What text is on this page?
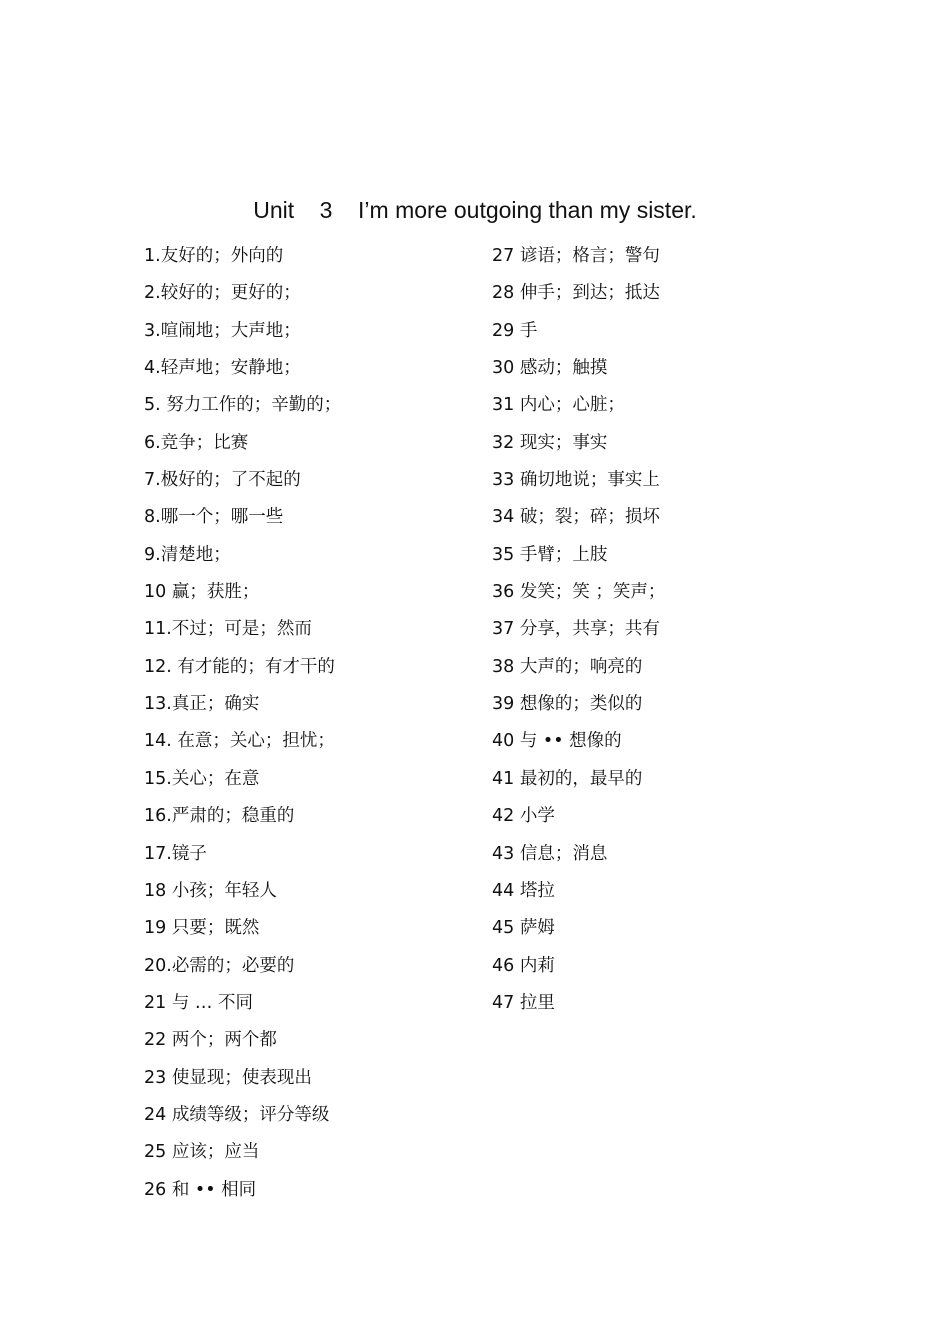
Unit    3    I’m more outgoing than my sister.
1.友好的；外向的
2.较好的；更好的；
3.喧闹地；大声地；
4.轻声地；安静地；
5. 努力工作的；辛勤的；
6.竞争；比赛
7.极好的；了不起的
8.哪一个；哪一些
9.清楚地；
10 赢；获胜；
11.不过；可是；然而
12. 有才能的；有才干的
13.真正；确实
14. 在意；关心；担忧；
15.关心；在意
16.严肃的；稳重的
17.镜子
18 小孩；年轻人
19 只要；既然
20.必需的；必要的
21 与 … 不同
22 两个；两个都
23 使显现；使表现出
24 成绩等级；评分等级
25 应该；应当
26 和 •• 相同
27 谚语；格言；警句
28 伸手；到达；抵达
29 手
30 感动；触摸
31 内心；心脏；
32 现实；事实
33 确切地说；事实上
34 破；裂；碎；损坏
35 手臂；上肢
36 发笑；笑 ；笑声；
37 分享，共享；共有
38 大声的；响亮的
39 想像的；类似的
40 与 •• 想像的
41 最初的，最早的
42 小学
43 信息；消息
44 塔拉
45 萨姆
46 内莉
47 拉里
